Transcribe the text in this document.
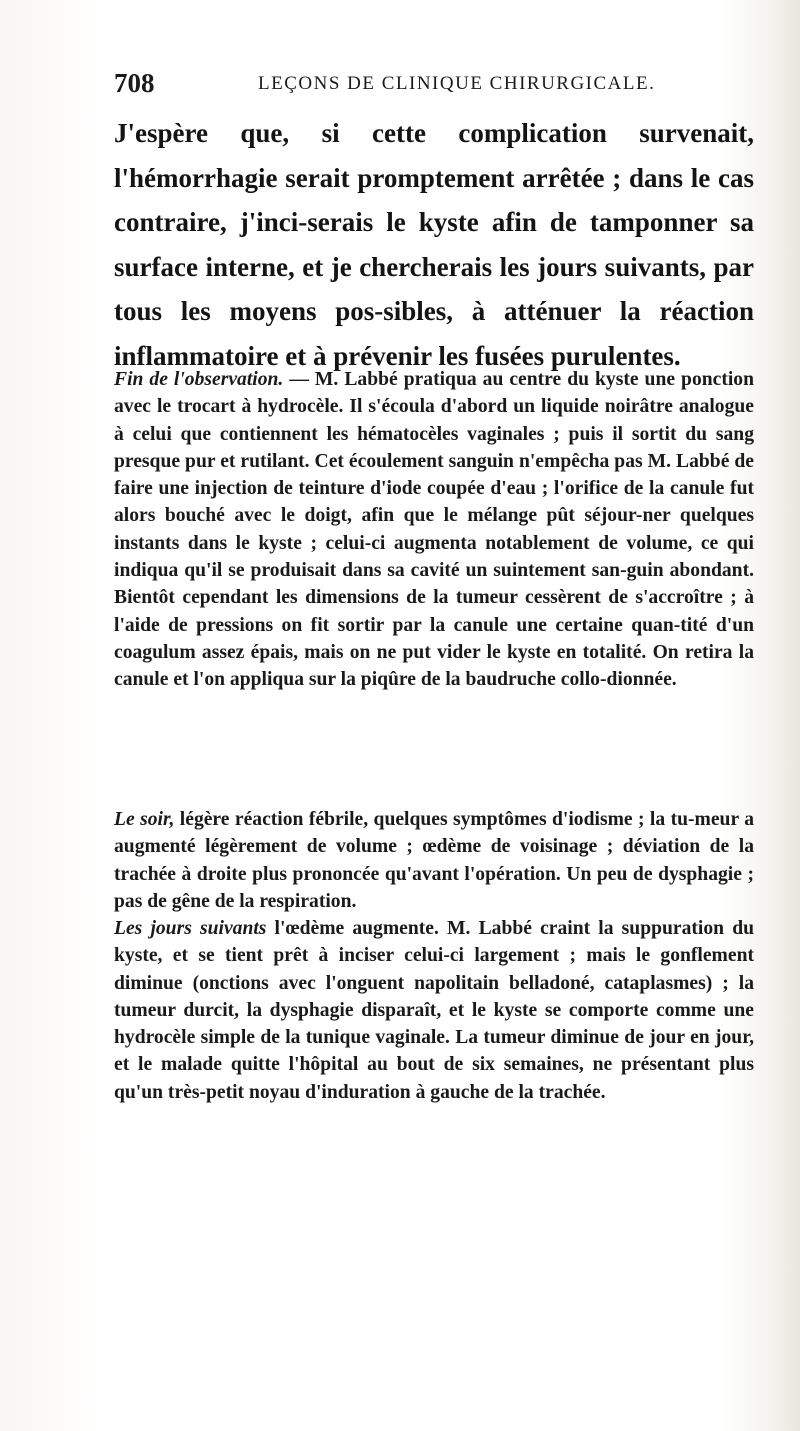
708	LEÇONS DE CLINIQUE CHIRURGICALE.

J'espère que, si cette complication survenait, l'hémorrhagie serait promptement arrêtée ; dans le cas contraire, j'inci-serais le kyste afin de tamponner sa surface interne, et je chercherais les jours suivants, par tous les moyens pos-sibles, à atténuer la réaction inflammatoire et à prévenir les fusées purulentes.

Fin de l'observation. — M. Labbé pratiqua au centre du kyste une ponction avec le trocart à hydrocèle. Il s'écoula d'abord un liquide noirâtre analogue à celui que contiennent les hématocèles vaginales ; puis il sortit du sang presque pur et rutilant. Cet écoulement sanguin n'empêcha pas M. Labbé de faire une injection de teinture d'iode coupée d'eau ; l'orifice de la canule fut alors bouché avec le doigt, afin que le mélange pût séjour-ner quelques instants dans le kyste ; celui-ci augmenta notablement de volume, ce qui indiqua qu'il se produisait dans sa cavité un suintement san-guin abondant. Bientôt cependant les dimensions de la tumeur cessèrent de s'accroître ; à l'aide de pressions on fit sortir par la canule une certaine quan-tité d'un coagulum assez épais, mais on ne put vider le kyste en totalité. On retira la canule et l'on appliqua sur la piqûre de la baudruche collo-dionnée.

Le soir, légère réaction fébrile, quelques symptômes d'iodisme ; la tu-meur a augmenté légèrement de volume ; œdème de voisinage ; déviation de la trachée à droite plus prononcée qu'avant l'opération. Un peu de dysphagie ; pas de gêne de la respiration.

Les jours suivants l'œdème augmente. M. Labbé craint la suppuration du kyste, et se tient prêt à inciser celui-ci largement ; mais le gonflement diminue (onctions avec l'onguent napolitain belladoné, cataplasmes) ; la tumeur durcit, la dysphagie disparaît, et le kyste se comporte comme une hydrocèle simple de la tunique vaginale. La tumeur diminue de jour en jour, et le malade quitte l'hôpital au bout de six semaines, ne présentant plus qu'un très-petit noyau d'induration à gauche de la trachée.
